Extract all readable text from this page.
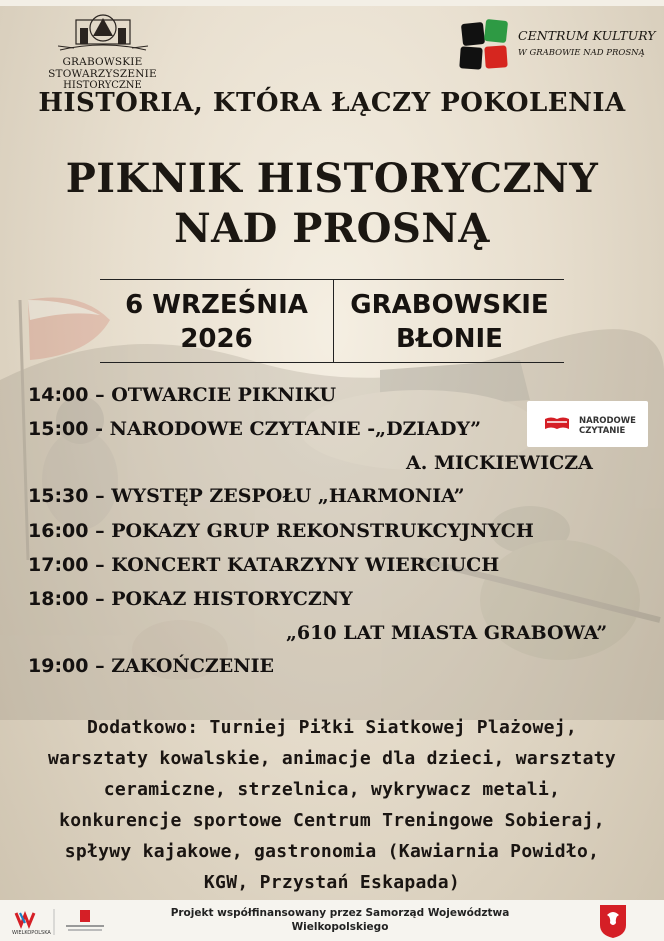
GRABOWSKIE STOWARZYSZENIE
HISTORYCZNE
CENTRUM KULTURY
W GRABOWIE NAD PROSNĄ
HISTORIA, KTÓRA ŁĄCZY POKOLENIA
PIKNIK HISTORYCZNY
NAD PROSNĄ
6 WRZEŚNIA
2026
GRABOWSKIE
BŁONIE
14:00 – OTWARCIE PIKNIKU
15:00 - NARODOWE CZYTANIE -„DZIADY”
A. MICKIEWICZA
15:30 – WYSTĘP ZESPOŁU „HARMONIA”
16:00 – POKAZY GRUP REKONSTRUKCYJNYCH
17:00 – KONCERT KATARZYNY WIERCIUCH
18:00 – POKAZ HISTORYCZNY
„610 LAT MIASTA GRABOWA”
19:00 – ZAKOŃCZENIE
NARODOWE
CZYTANIE
Dodatkowo: Turniej Piłki Siatkowej Plażowej,
warsztaty kowalskie, animacje dla dzieci, warsztaty
ceramiczne, strzelnica, wykrywacz metali,
konkurencje sportowe Centrum Treningowe Sobieraj,
spływy kajakowe, gastronomia (Kawiarnia Powidło,
KGW, Przystań Eskapada)
WIELKOPOLSKA
Projekt współfinansowany przez Samorząd Województwa
Wielkopolskiego
